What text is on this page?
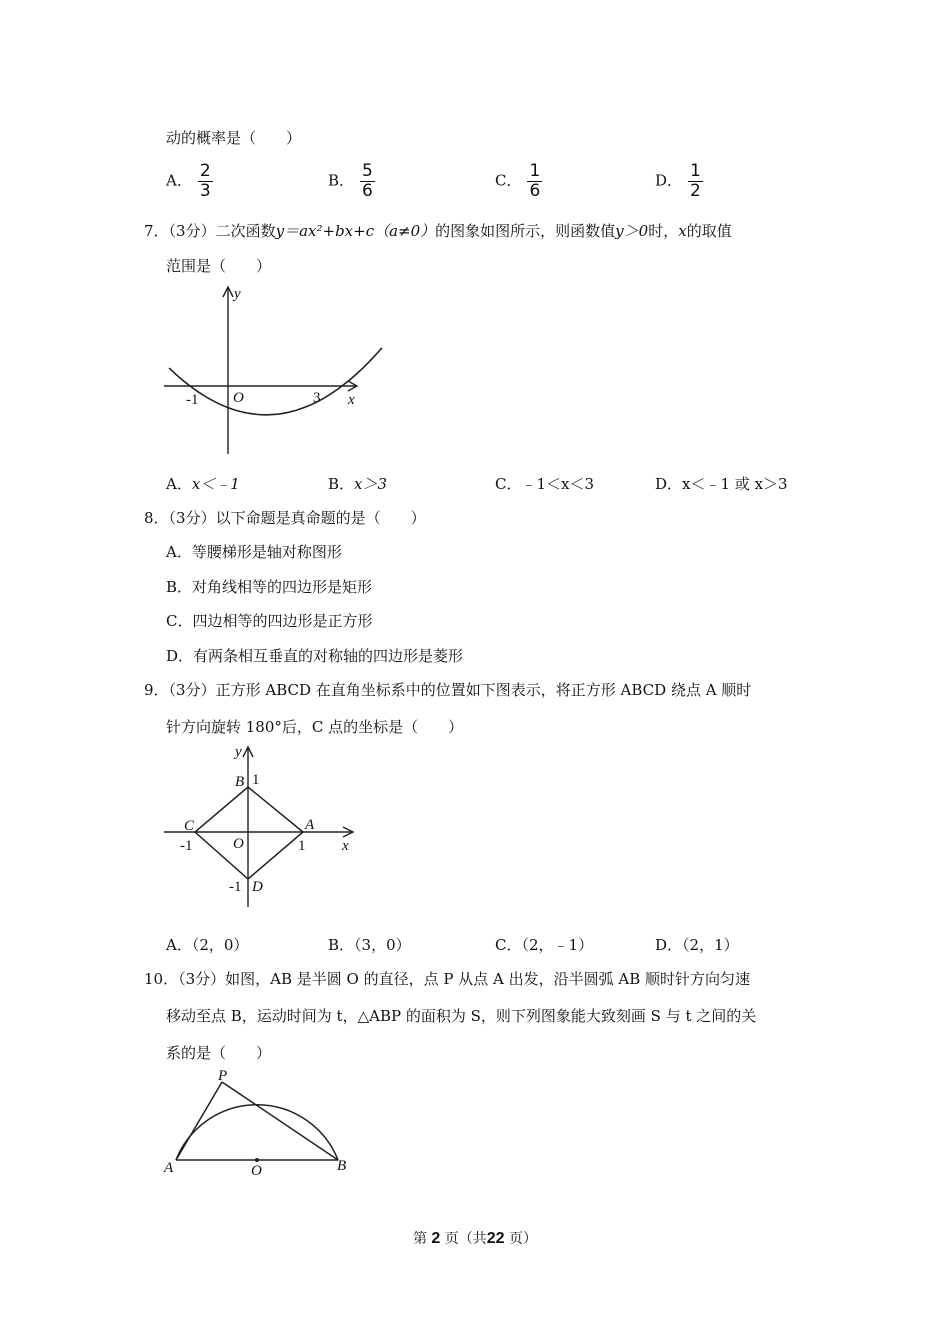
动的概率是（　　）
A． $\frac{2}{3}$	B． $\frac{5}{6}$	C． $\frac{1}{6}$	D． $\frac{1}{2}$
7．（3分）二次函数y＝ax²+bx+c（a≠0）的图象如图所示，则函数值y＞0时，x的取值
范围是（　　）
y
x
O
-1	3
A．x＜﹣1	B．x＞3	C．﹣1＜x＜3	D．x＜﹣1 或 x＞3
8．（3分）以下命题是真命题的是（　　）
A．等腰梯形是轴对称图形
B．对角线相等的四边形是矩形
C．四边相等的四边形是正方形
D．有两条相互垂直的对称轴的四边形是菱形
9．（3分）正方形 ABCD 在直角坐标系中的位置如下图表示，将正方形 ABCD 绕点 A 顺时
针方向旋转 180°后，C 点的坐标是（　　）
y
x
O
B 1
A
1
C
-1
-1 D
A．（2，0）	B．（3，0）	C．（2，﹣1）	D．（2，1）
10．（3分）如图，AB 是半圆 O 的直径，点 P 从点 A 出发，沿半圆弧 AB 顺时针方向匀速
移动至点 B，运动时间为 t，△ABP 的面积为 S，则下列图象能大致刻画 S 与 t 之间的关
系的是（　　）
P
A	O	B
第 2 页（共22 页）
